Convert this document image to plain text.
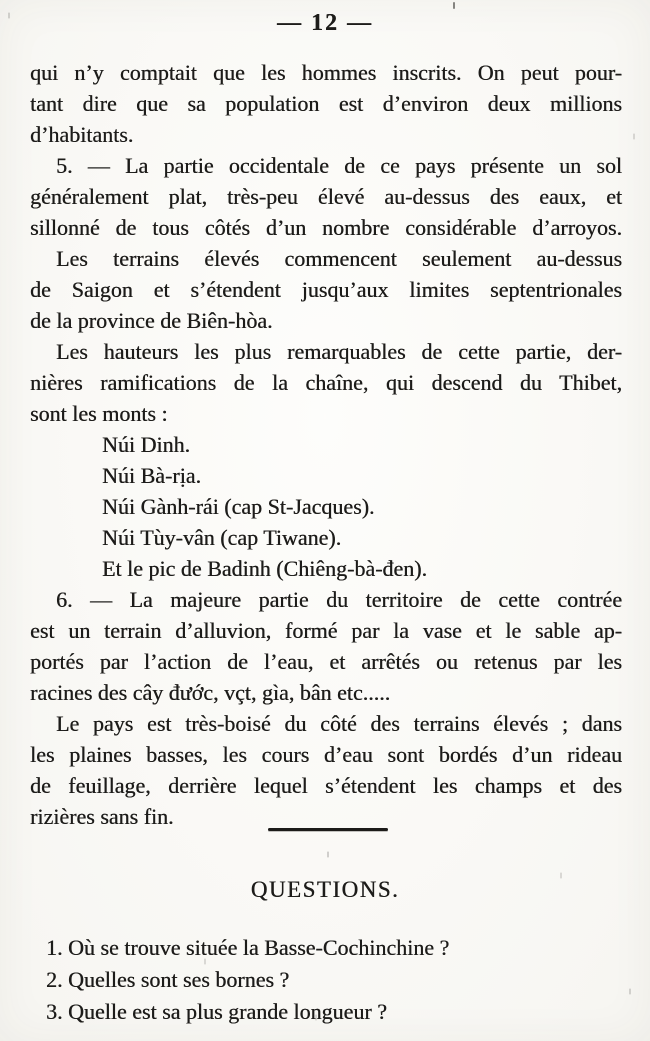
— 12 —

qui n’y comptait que les hommes inscrits. On peut pour-
tant dire que sa population est d’environ deux millions
d’habitants.

5. — La partie occidentale de ce pays présente un sol
généralement plat, très-peu élevé au-dessus des eaux, et
sillonné de tous côtés d’un nombre considérable d’arroyos.

Les terrains élevés commencent seulement au-dessus
de Saigon et s’étendent jusqu’aux limites septentrionales
de la province de Biên-hòa.

Les hauteurs les plus remarquables de cette partie, der-
nières ramifications de la chaîne, qui descend du Thibet,
sont les monts :

Núi Dinh.
Núi Bà-rịa.
Núi Gành-rái (cap St-Jacques).
Núi Tùy-vân (cap Tiwane).
Et le pic de Badinh (Chiêng-bà-đen).

6. — La majeure partie du territoire de cette contrée
est un terrain d’alluvion, formé par la vase et le sable ap-
portés par l’action de l’eau, et arrêtés ou retenus par les
racines des cây đước, vçt, gìa, bân etc.....

Le pays est très-boisé du côté des terrains élevés ; dans
les plaines basses, les cours d’eau sont bordés d’un rideau
de feuillage, derrière lequel s’étendent les champs et des
rizières sans fin.

QUESTIONS.
1. Où se trouve située la Basse-Cochinchine ?
2. Quelles sont ses bornes ?
3. Quelle est sa plus grande longueur ?
